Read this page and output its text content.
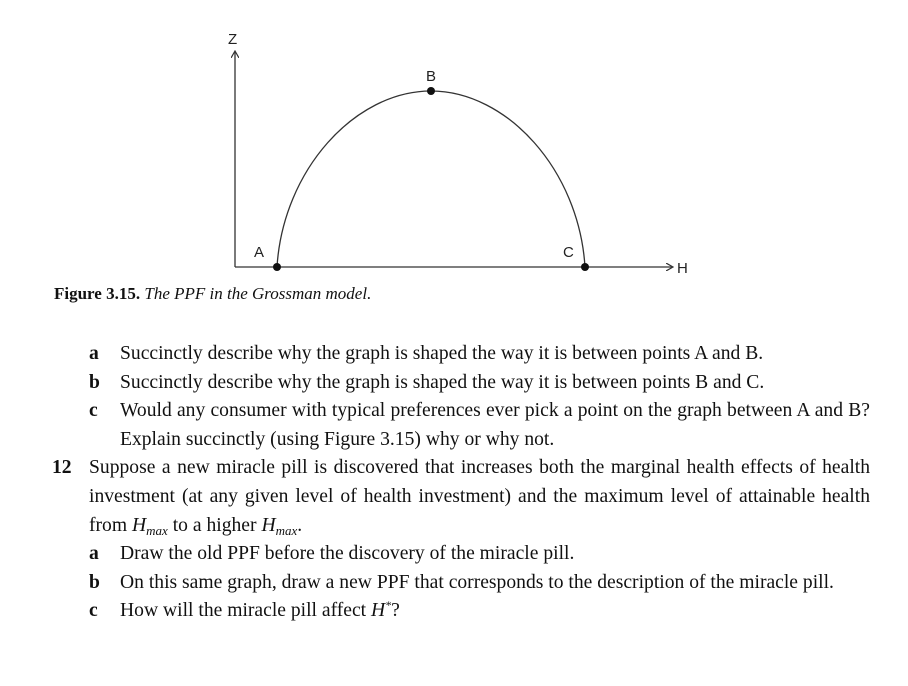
Z
H
A
B
C
Figure 3.15. The PPF in the Grossman model.
a Succinctly describe why the graph is shaped the way it is between points A and B.
b Succinctly describe why the graph is shaped the way it is between points B and C.
c Would any consumer with typical preferences ever pick a point on the graph between A and B? Explain succinctly (using Figure 3.15) why or why not.
12 Suppose a new miracle pill is discovered that increases both the marginal health effects of health investment (at any given level of health investment) and the maximum level of attainable health from $H_{max}$ to a higher $H_{max}$.
a Draw the old PPF before the discovery of the miracle pill.
b On this same graph, draw a new PPF that corresponds to the description of the miracle pill.
c How will the miracle pill affect H*?
